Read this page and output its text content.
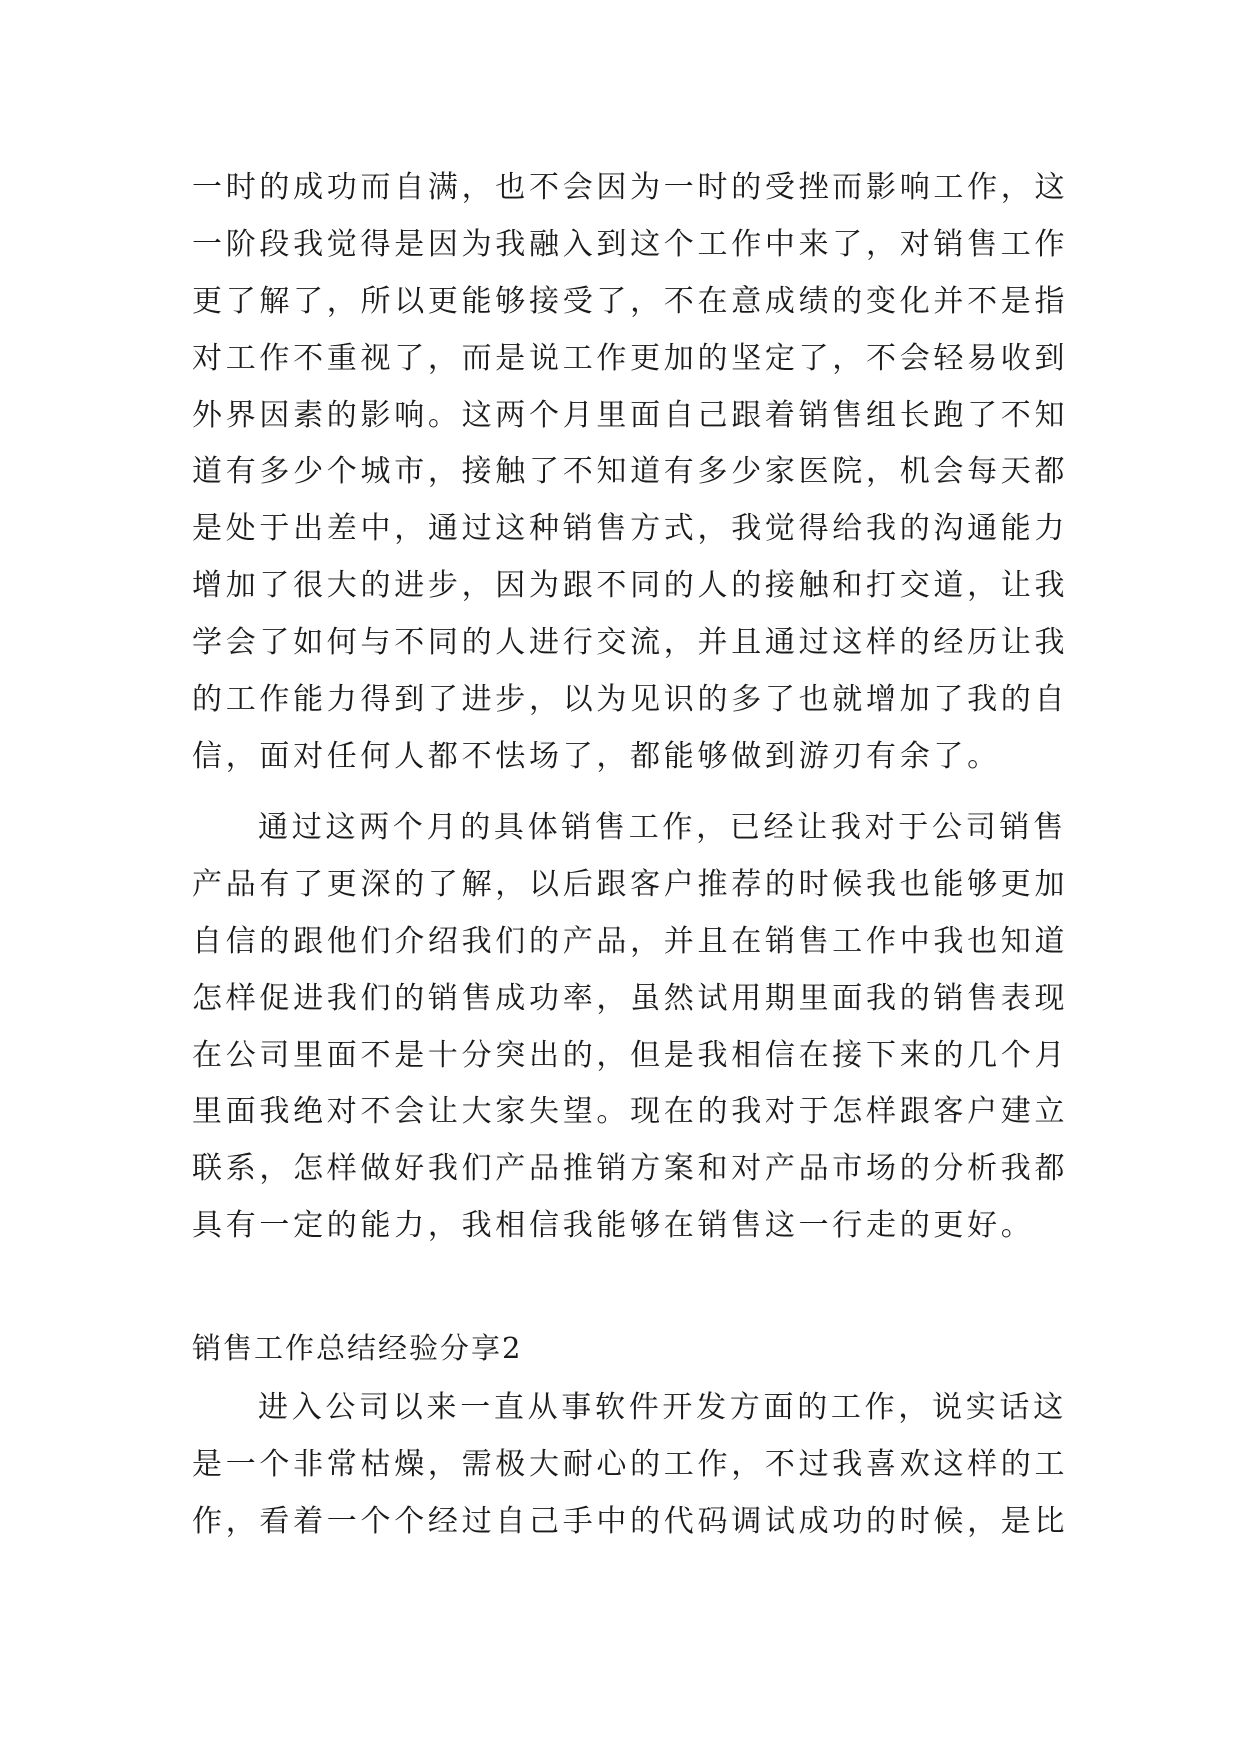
一时的成功而自满，也不会因为一时的受挫而影响工作，这
一阶段我觉得是因为我融入到这个工作中来了，对销售工作
更了解了，所以更能够接受了，不在意成绩的变化并不是指
对工作不重视了，而是说工作更加的坚定了，不会轻易收到
外界因素的影响。这两个月里面自己跟着销售组长跑了不知
道有多少个城市，接触了不知道有多少家医院，机会每天都
是处于出差中，通过这种销售方式，我觉得给我的沟通能力
增加了很大的进步，因为跟不同的人的接触和打交道，让我
学会了如何与不同的人进行交流，并且通过这样的经历让我
的工作能力得到了进步，以为见识的多了也就增加了我的自
信，面对任何人都不怯场了，都能够做到游刃有余了。
通过这两个月的具体销售工作，已经让我对于公司销售
产品有了更深的了解，以后跟客户推荐的时候我也能够更加
自信的跟他们介绍我们的产品，并且在销售工作中我也知道
怎样促进我们的销售成功率，虽然试用期里面我的销售表现
在公司里面不是十分突出的，但是我相信在接下来的几个月
里面我绝对不会让大家失望。现在的我对于怎样跟客户建立
联系，怎样做好我们产品推销方案和对产品市场的分析我都
具有一定的能力，我相信我能够在销售这一行走的更好。
销售工作总结经验分享2
进入公司以来一直从事软件开发方面的工作，说实话这
是一个非常枯燥，需极大耐心的工作，不过我喜欢这样的工
作，看着一个个经过自己手中的代码调试成功的时候，是比
